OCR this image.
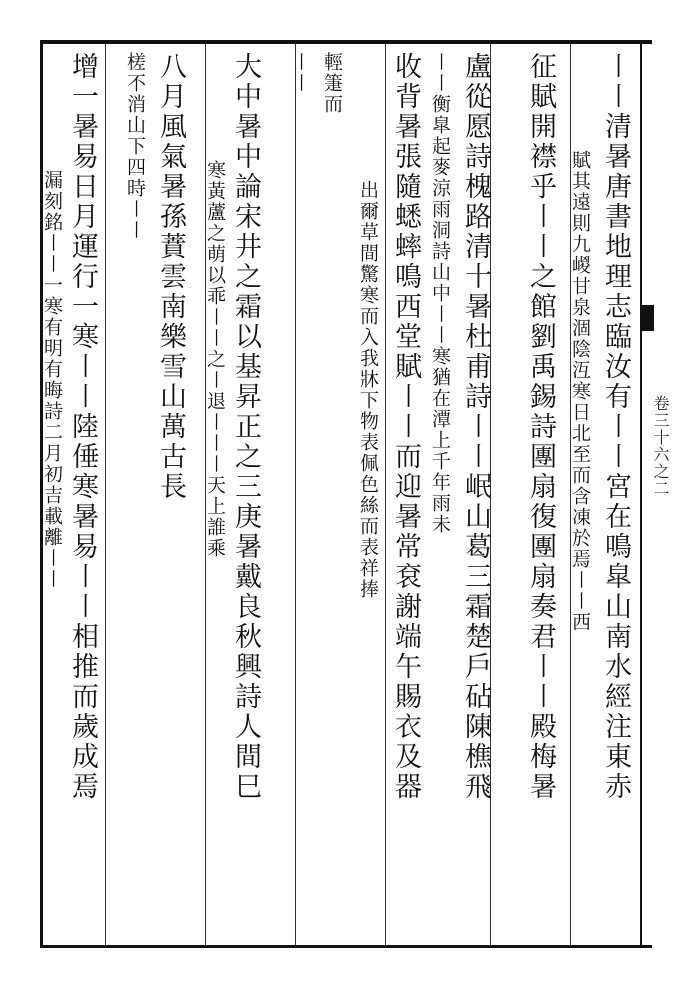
〡〡清暑唐書地理志臨汝有〡〡宮在鳴皐山南水經注東赤
賦其遠則九嵕甘泉涸陰沍寒日北至而含凍於焉〡〡西
征賦開襟乎〡〡之館劉禹錫詩團扇復團扇奏君〡〡殿梅暑
盧從愿詩槐路清十暑杜甫詩〡〡岷山葛三霜楚戶砧陳樵飛
〡〡衡皐起麥涼雨洞詩山中〡〡寒猶在潭上千年雨未
收背暑張隨蟋蟀鳴西堂賦〡〡而迎暑常袞謝端午賜衣及器
出爾草間驚寒而入我牀下物表佩色絲而表祥捧
輕箑而
〡〡
大中暑中論宋井之霜以基昇正之三庚暑戴良秋興詩人間巳
寒黃蘆之萌以乖〡〡之〡退〡〡〡天上誰乘
八月風氣暑孫蕡雲南樂雪山萬古長
槎不消山下四時〡〡
增一暑易日月運行一寒〡〡陸倕寒暑易〡〡相推而歲成焉
漏刻銘〡〡一寒有明有晦詩二月初吉載離〡〡	卷三十六之二
